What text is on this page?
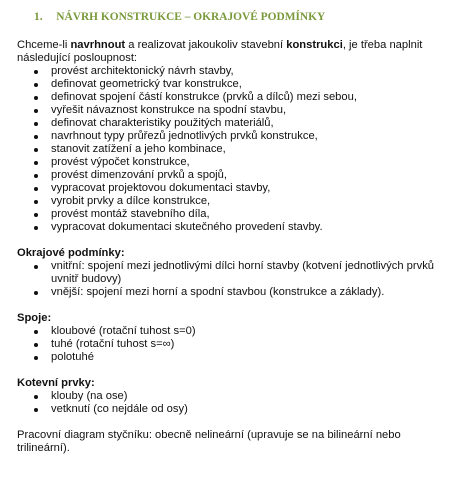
1. NÁVRH KONSTRUKCE – OKRAJOVÉ PODMÍNKY

Chceme-li navrhnout a realizovat jakoukoliv stavební konstrukci, je třeba naplnit následující posloupnost:

provést architektonický návrh stavby,
definovat geometrický tvar konstrukce,
definovat spojení částí konstrukce (prvků a dílců) mezi sebou,
vyřešit návaznost konstrukce na spodní stavbu,
definovat charakteristiky použitých materiálů,
navrhnout typy průřezů jednotlivých prvků konstrukce,
stanovit zatížení a jeho kombinace,
provést výpočet konstrukce,
provést dimenzování prvků a spojů,
vypracovat projektovou dokumentaci stavby,
vyrobit prvky a dílce konstrukce,
provést montáž stavebního díla,
vypracovat dokumentaci skutečného provedení stavby.

Okrajové podmínky:

vnitřní: spojení mezi jednotlivými dílci horní stavby (kotvení jednotlivých prvků uvnitř budovy)
vnější: spojení mezi horní a spodní stavbou (konstrukce a základy).

Spoje:

kloubové (rotační tuhost s=0)
tuhé (rotační tuhost s=∞)
polotuhé

Kotevní prvky:

klouby (na ose)
vetknutí (co nejdále od osy)

Pracovní diagram styčníku: obecně nelineární (upravuje se na bilineární nebo trilineární).
